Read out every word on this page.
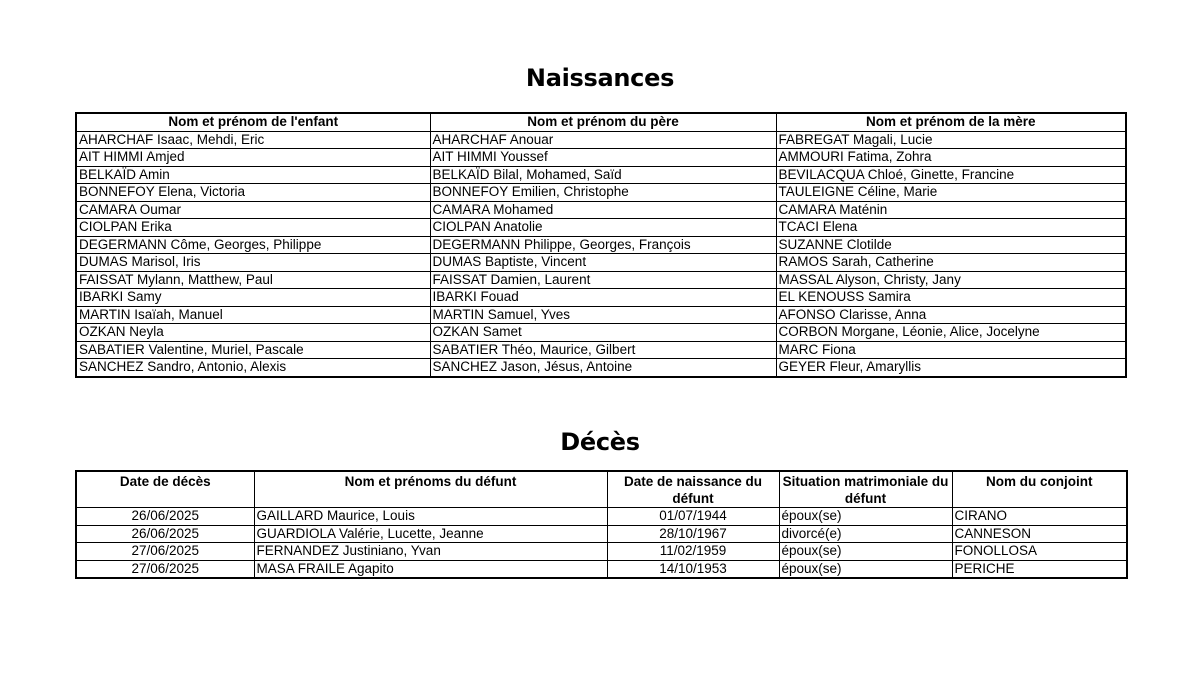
Naissances
Nom et prénom de l'enfant	Nom et prénom du père	Nom et prénom de la mère
AHARCHAF Isaac, Mehdi, Eric	AHARCHAF Anouar	FABREGAT Magali, Lucie
AIT HIMMI Amjed	AIT HIMMI Youssef	AMMOURI Fatima, Zohra
BELKAÏD Amin	BELKAÏD Bilal, Mohamed, Saïd	BEVILACQUA Chloé, Ginette, Francine
BONNEFOY Elena, Victoria	BONNEFOY Emilien, Christophe	TAULEIGNE Céline, Marie
CAMARA Oumar	CAMARA Mohamed	CAMARA Maténin
CIOLPAN Erika	CIOLPAN Anatolie	TCACI Elena
DEGERMANN Côme, Georges, Philippe	DEGERMANN Philippe, Georges, François	SUZANNE Clotilde
DUMAS Marisol, Iris	DUMAS Baptiste, Vincent	RAMOS Sarah, Catherine
FAISSAT Mylann, Matthew, Paul	FAISSAT Damien, Laurent	MASSAL Alyson, Christy, Jany
IBARKI Samy	IBARKI Fouad	EL KENOUSS Samira
MARTIN Isaïah, Manuel	MARTIN Samuel, Yves	AFONSO Clarisse, Anna
OZKAN Neyla	OZKAN Samet	CORBON Morgane, Léonie, Alice, Jocelyne
SABATIER Valentine, Muriel, Pascale	SABATIER Théo, Maurice, Gilbert	MARC Fiona
SANCHEZ Sandro, Antonio, Alexis	SANCHEZ Jason, Jésus, Antoine	GEYER Fleur, Amaryllis
Décès
Date de décès	Nom et prénoms du défunt	Date de naissance du défunt	Situation matrimoniale du défunt	Nom du conjoint
26/06/2025	GAILLARD Maurice, Louis	01/07/1944	époux(se)	CIRANO
26/06/2025	GUARDIOLA Valérie, Lucette, Jeanne	28/10/1967	divorcé(e)	CANNESON
27/06/2025	FERNANDEZ Justiniano, Yvan	11/02/1959	époux(se)	FONOLLOSA
27/06/2025	MASA FRAILE Agapito	14/10/1953	époux(se)	PERICHE
